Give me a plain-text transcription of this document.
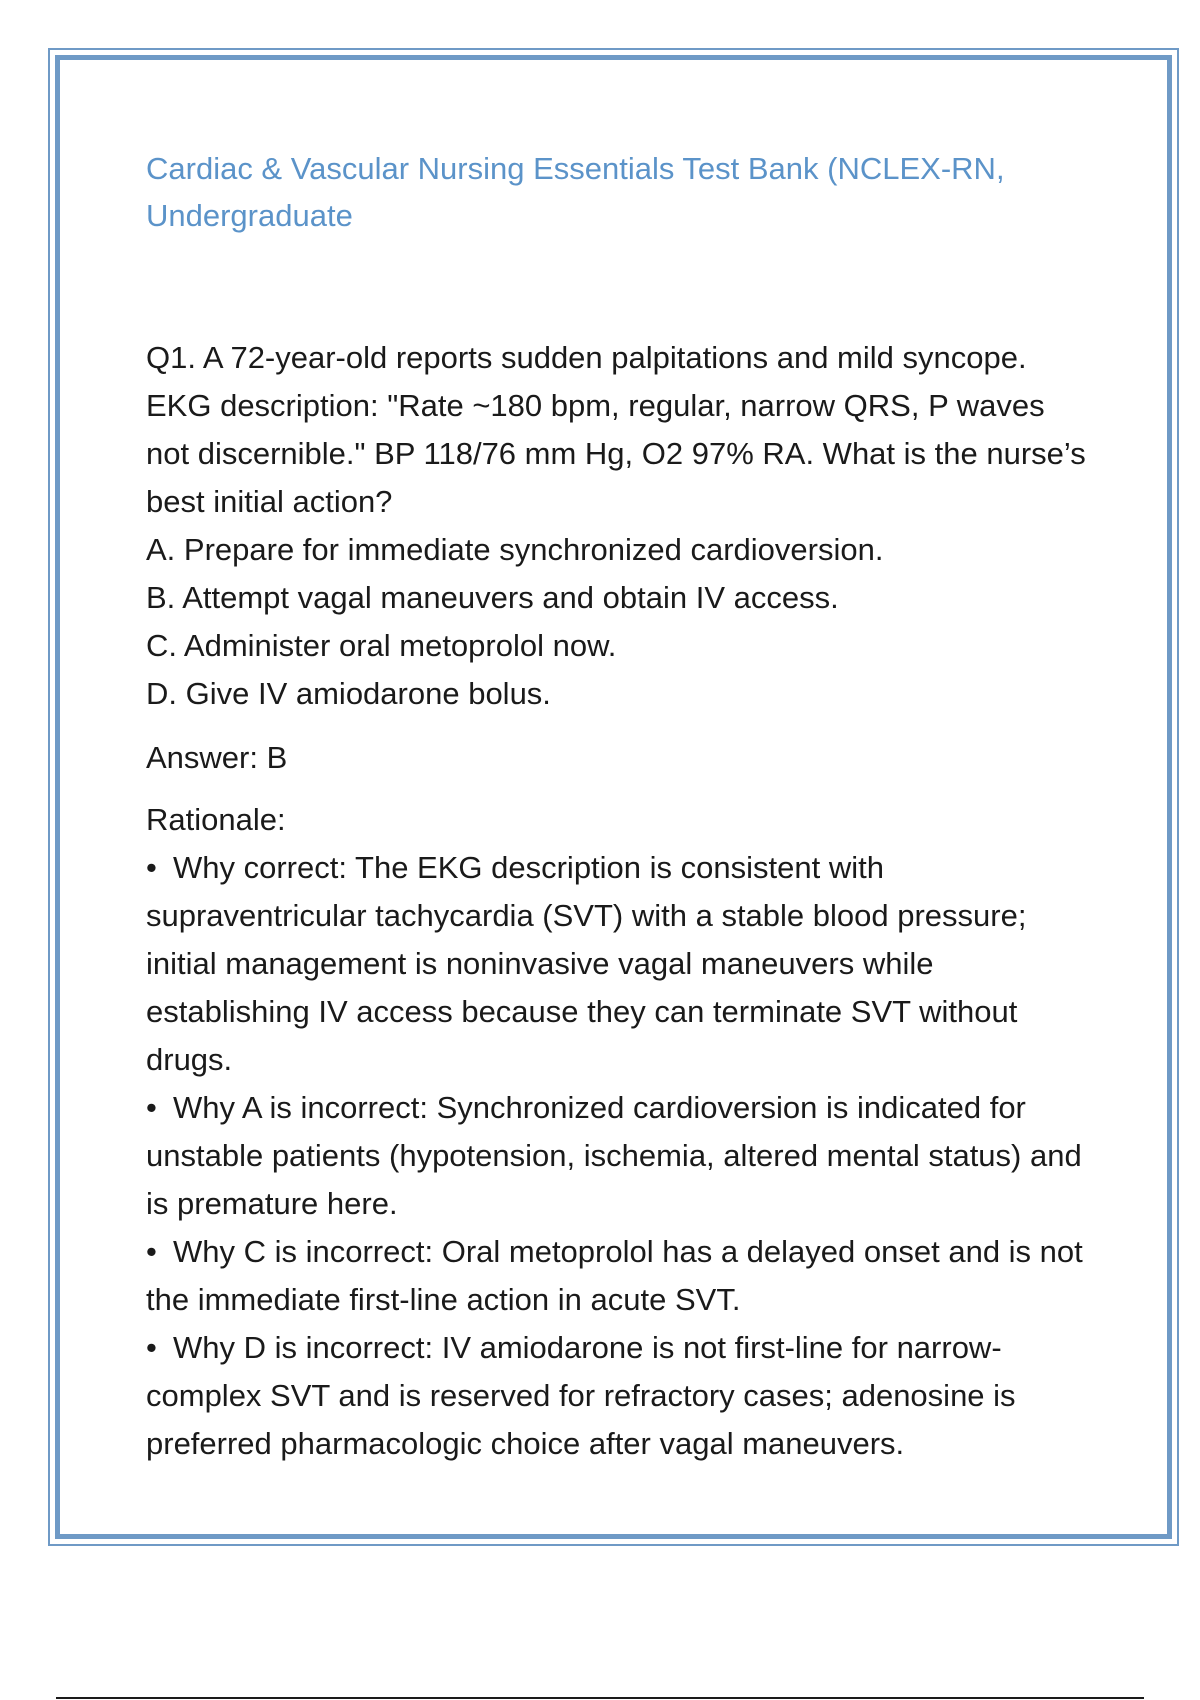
Cardiac & Vascular Nursing Essentials Test Bank (NCLEX-RN, Undergraduate

Q1. A 72-year-old reports sudden palpitations and mild syncope. EKG description: "Rate ~180 bpm, regular, narrow QRS, P waves not discernible." BP 118/76 mm Hg, O2 97% RA. What is the nurse’s best initial action?

A. Prepare for immediate synchronized cardioversion.
B. Attempt vagal maneuvers and obtain IV access.
C. Administer oral metoprolol now.
D. Give IV amiodarone bolus.

Answer: B

Rationale:

• Why correct: The EKG description is consistent with supraventricular tachycardia (SVT) with a stable blood pressure; initial management is noninvasive vagal maneuvers while establishing IV access because they can terminate SVT without drugs.
• Why A is incorrect: Synchronized cardioversion is indicated for unstable patients (hypotension, ischemia, altered mental status) and is premature here.
• Why C is incorrect: Oral metoprolol has a delayed onset and is not the immediate first-line action in acute SVT.
• Why D is incorrect: IV amiodarone is not first-line for narrow-complex SVT and is reserved for refractory cases; adenosine is preferred pharmacologic choice after vagal maneuvers.
